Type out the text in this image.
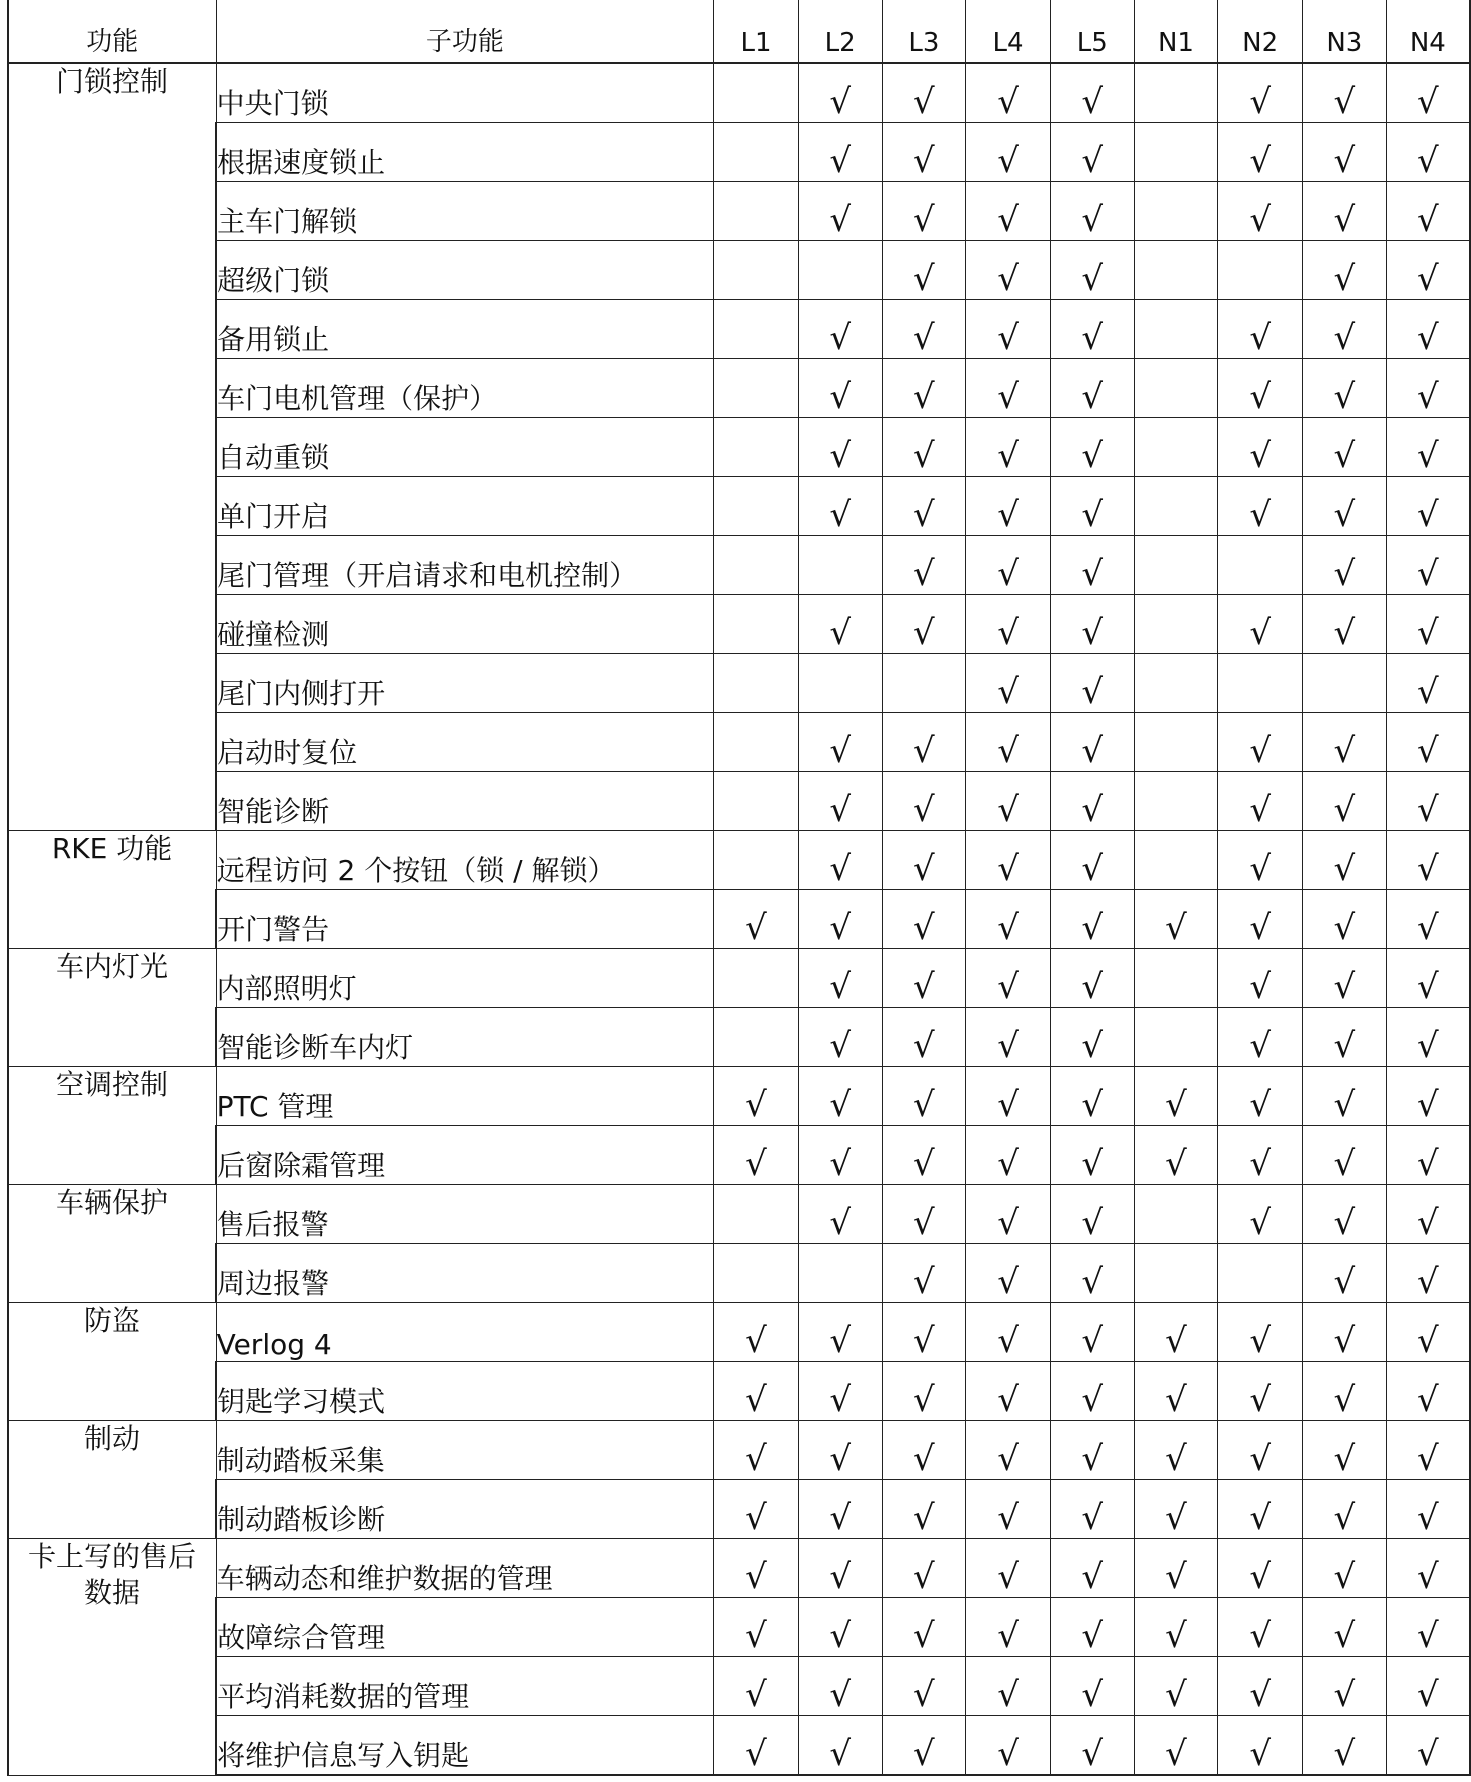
功能	子功能	L1	L2	L3	L4	L5	N1	N2	N3	N4
门锁控制	中央门锁		√	√	√	√		√	√	√
	根据速度锁止		√	√	√	√		√	√	√
	主车门解锁		√	√	√	√		√	√	√
	超级门锁			√	√	√			√	√
	备用锁止		√	√	√	√		√	√	√
	车门电机管理（保护）		√	√	√	√		√	√	√
	自动重锁		√	√	√	√		√	√	√
	单门开启		√	√	√	√		√	√	√
	尾门管理（开启请求和电机控制）			√	√	√			√	√
	碰撞检测		√	√	√	√		√	√	√
	尾门内侧打开				√	√				√
	启动时复位		√	√	√	√		√	√	√
	智能诊断		√	√	√	√		√	√	√
RKE 功能	远程访问 2 个按钮（锁 / 解锁）		√	√	√	√		√	√	√
	开门警告	√	√	√	√	√	√	√	√	√
车内灯光	内部照明灯		√	√	√	√		√	√	√
	智能诊断车内灯		√	√	√	√		√	√	√
空调控制	PTC 管理	√	√	√	√	√	√	√	√	√
	后窗除霜管理	√	√	√	√	√	√	√	√	√
车辆保护	售后报警		√	√	√	√		√	√	√
	周边报警			√	√	√			√	√
防盗	Verlog 4	√	√	√	√	√	√	√	√	√
	钥匙学习模式	√	√	√	√	√	√	√	√	√
制动	制动踏板采集	√	√	√	√	√	√	√	√	√
	制动踏板诊断	√	√	√	√	√	√	√	√	√
卡上写的售后
数据	车辆动态和维护数据的管理	√	√	√	√	√	√	√	√	√
	故障综合管理	√	√	√	√	√	√	√	√	√
	平均消耗数据的管理	√	√	√	√	√	√	√	√	√
	将维护信息写入钥匙	√	√	√	√	√	√	√	√	√
